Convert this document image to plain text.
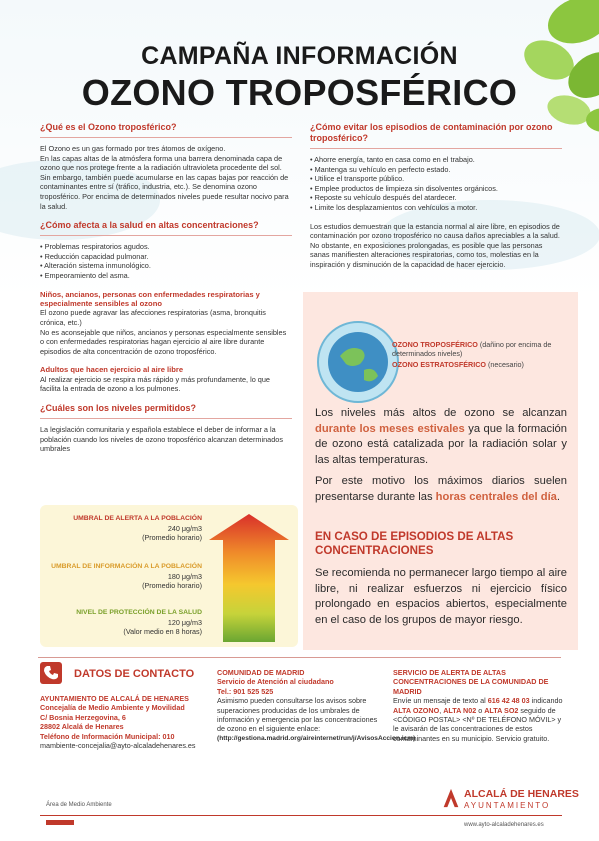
CAMPAÑA INFORMACIÓN
OZONO TROPOSFÉRICO
¿Qué es el Ozono troposférico?
El Ozono es un gas formado por tres átomos de oxígeno.
En las capas altas de la atmósfera forma una barrera denominada capa de ozono que nos protege frente a la radiación ultravioleta procedente del sol.
Sin embargo, también puede acumularse en las capas bajas por reacción de contaminantes entre sí (tráfico, industria, etc.). Se denomina ozono troposférico. Por encima de determinados niveles puede resultar nocivo para la salud.
¿Cómo afecta a la salud en altas concentraciones?
• Problemas respiratorios agudos.
• Reducción capacidad pulmonar.
• Alteración sistema inmunológico.
• Empeoramiento del asma.
Niños, ancianos, personas con enfermedades respiratorias y especialmente sensibles al ozono
El ozono puede agravar las afecciones respiratorias (asma, bronquitis crónica, etc.)
No es aconsejable que niños, ancianos y personas especialmente sensibles o con enfermedades respiratorias hagan ejercicio al aire libre durante episodios de alta concentración de ozono troposférico.
Adultos que hacen ejercicio al aire libre
Al realizar ejercicio se respira más rápido y más profundamente, lo que facilita la entrada de ozono a los pulmones.
¿Cuáles son los niveles permitidos?
La legislación comunitaria y española establece el deber de informar a la población cuando los niveles de ozono troposférico alcanzan determinados umbrales
UMBRAL DE ALERTA A LA POBLACIÓN
240 μg/m3
(Promedio horario)
UMBRAL DE INFORMACIÓN A LA POBLACIÓN
180 μg/m3
(Promedio horario)
NIVEL DE PROTECCIÓN DE LA SALUD
120 μg/m3
(Valor medio en 8 horas)
¿Cómo evitar los episodios de contaminación por ozono troposférico?
• Ahorre energía, tanto en casa como en el trabajo.
• Mantenga su vehículo en perfecto estado.
• Utilice el transporte público.
• Emplee productos de limpieza sin disolventes orgánicos.
• Reposte su vehículo después del atardecer.
• Limite los desplazamientos con vehículos a motor.
Los estudios demuestran que la estancia normal al aire libre, en episodios de contaminación por ozono troposférico no causa daños apreciables a la salud. No obstante, en exposiciones prolongadas, es posible que las personas sanas manifiesten alteraciones respiratorias, como tos, molestias en la inspiración y disminución de la capacidad de hacer ejercicio.
OZONO TROPOSFÉRICO (dañino por encima de determinados niveles)
OZONO ESTRATOSFÉRICO (necesario)
Los niveles más altos de ozono se alcanzan durante los meses estivales ya que la formación de ozono está catalizada por la radiación solar y las altas temperaturas.
Por este motivo los máximos diarios suelen presentarse durante las horas centrales del día.
EN CASO DE EPISODIOS DE ALTAS CONCENTRACIONES
Se recomienda no permanecer largo tiempo al aire libre, ni realizar esfuerzos ni ejercicio físico prolongado en espacios abiertos, especialmente en el caso de los grupos de mayor riesgo.
DATOS DE CONTACTO
AYUNTAMIENTO DE ALCALÁ DE HENARES
Concejalía de Medio Ambiente y Movilidad
C/ Bosnia Herzegovina, 6
28802 Alcalá de Henares
Teléfono de Información Municipal: 010
mambiente-concejalia@ayto-alcaladehenares.es
COMUNIDAD DE MADRID
Servicio de Atención al ciudadano
Tel.: 901 525 525
Asimismo pueden consultarse los avisos sobre superaciones producidas de los umbrales de información y emergencia por las concentraciones de ozono en el siguiente enlace:
(http://gestiona.madrid.org/aireinternet/run/j/AvisosAccion.icm)
SERVICIO DE ALERTA DE ALTAS CONCENTRACIONES DE LA COMUNIDAD DE MADRID
Envíe un mensaje de texto al 616 42 48 03 indicando ALTA OZONO, ALTA N02 o ALTA SO2 seguido de <CÓDIGO POSTAL> <Nº DE TELÉFONO MÓVIL> y le avisarán de las concentraciones de estos contaminantes en su municipio. Servicio gratuito.
Área de Medio Ambiente
ALCALÁ DE HENARES
AYUNTAMIENTO
www.ayto-alcaladehenares.es
